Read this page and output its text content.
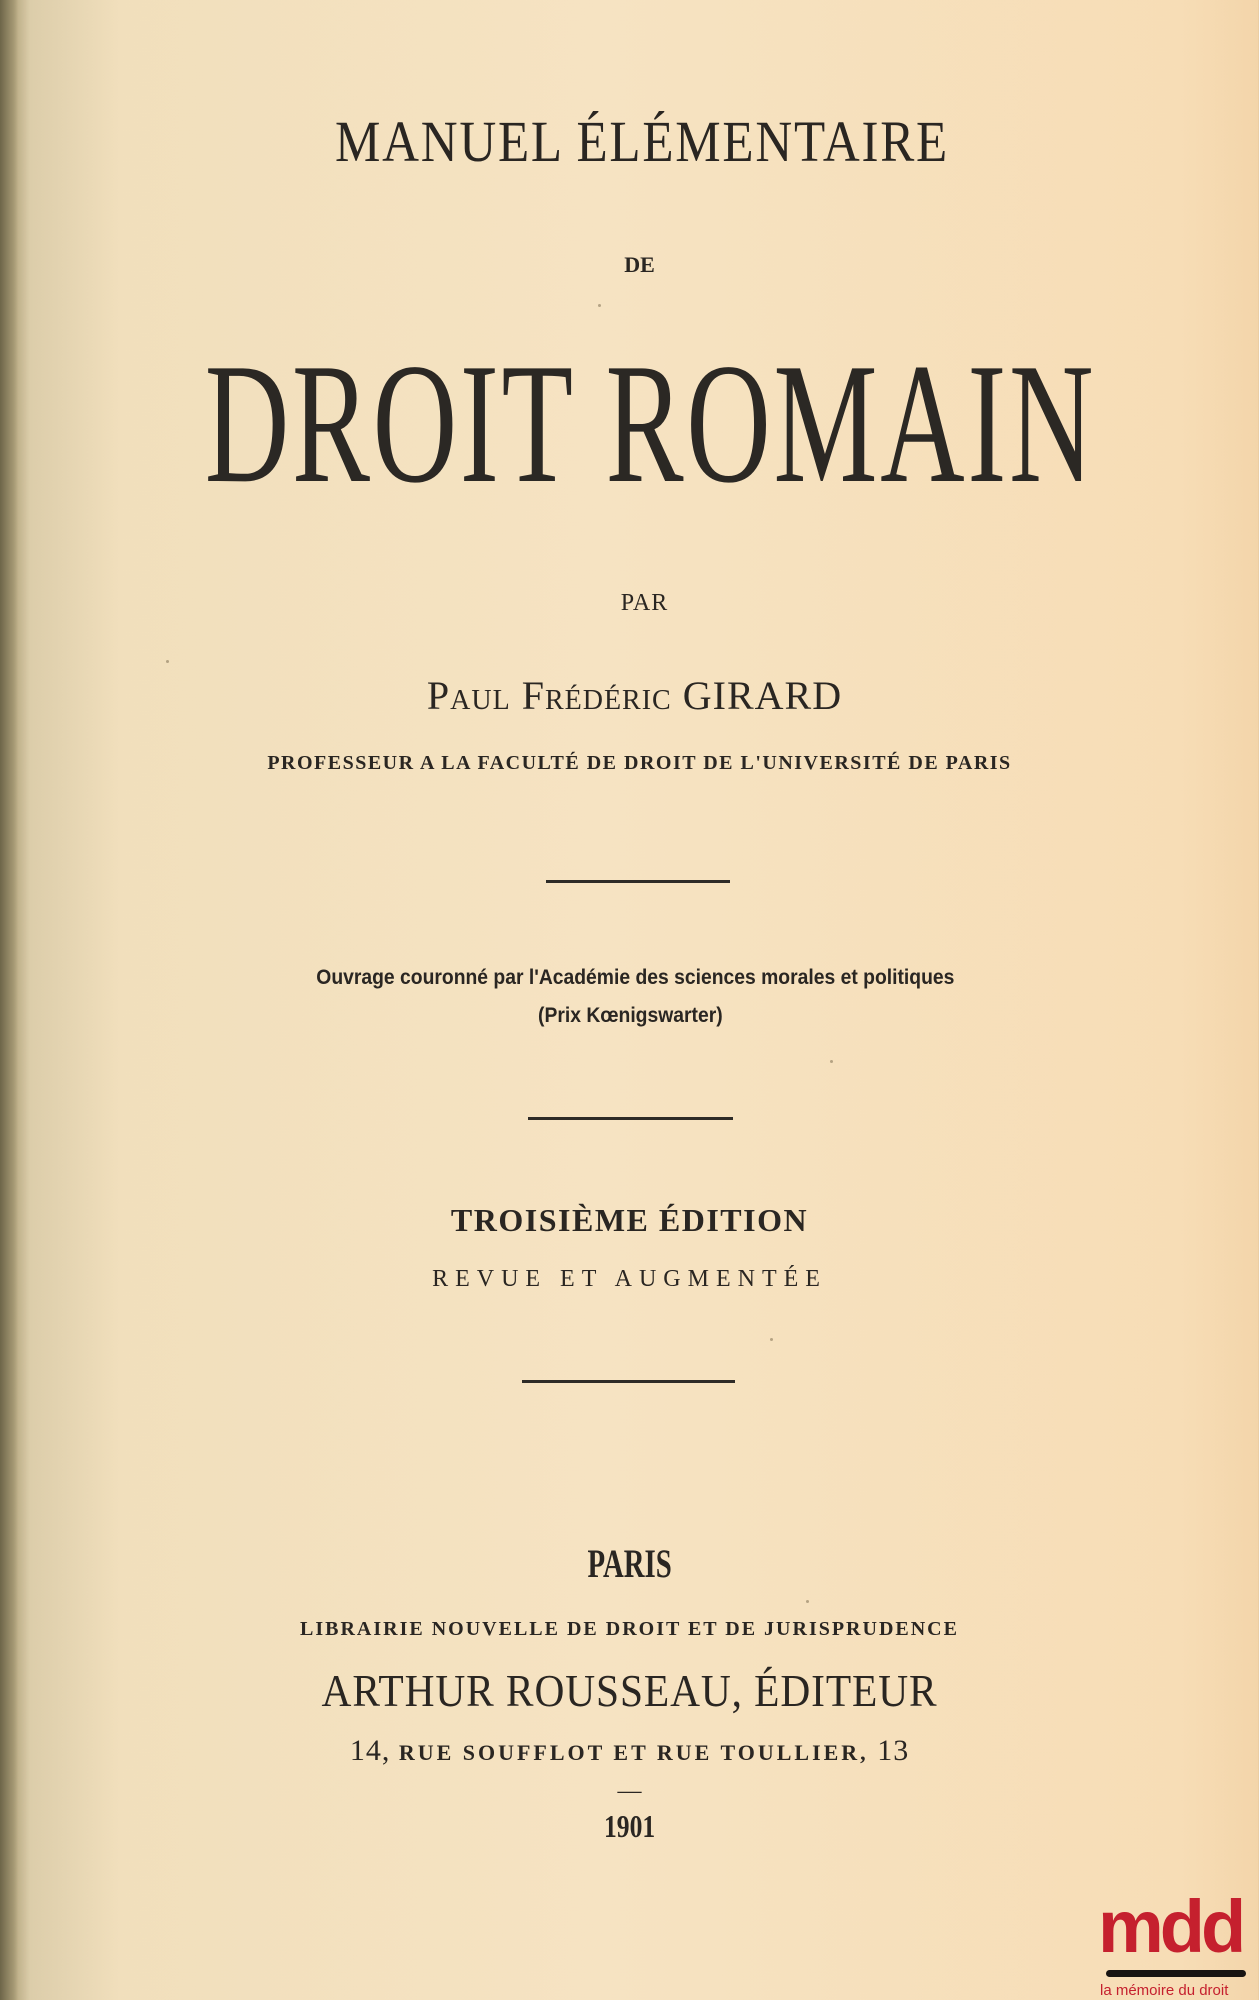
MANUEL ÉLÉMENTAIRE
DE
DROIT ROMAIN
PAR
Paul Frédéric GIRARD
PROFESSEUR A LA FACULTÉ DE DROIT DE L'UNIVERSITÉ DE PARIS
Ouvrage couronné par l'Académie des sciences morales et politiques
(Prix Kœnigswarter)
TROISIÈME ÉDITION
REVUE ET AUGMENTÉE
PARIS
LIBRAIRIE NOUVELLE DE DROIT ET DE JURISPRUDENCE
ARTHUR ROUSSEAU, ÉDITEUR
14, RUE SOUFFLOT ET RUE TOULLIER, 13
—
1901
mdd
la mémoire du droit
